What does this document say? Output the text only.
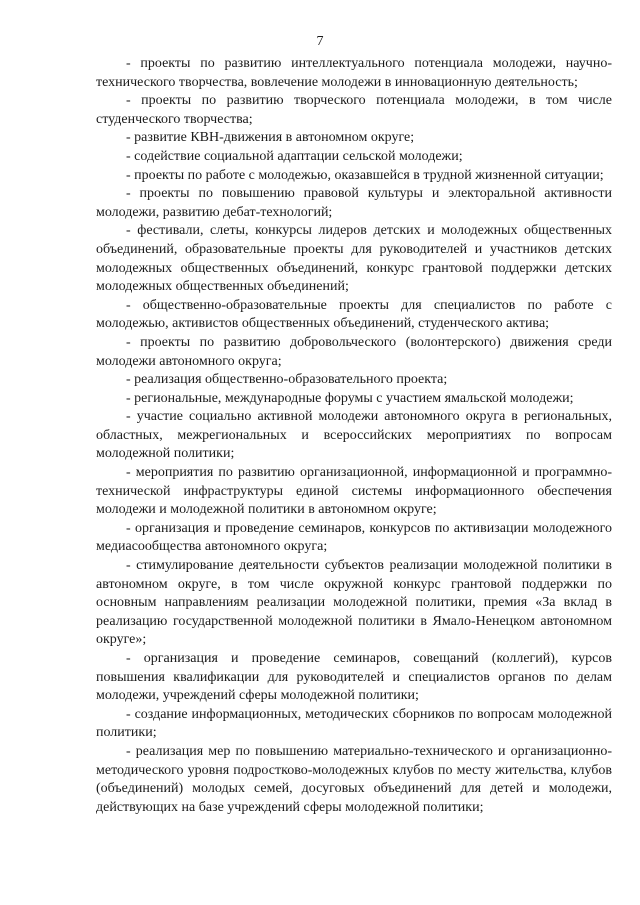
7

- проекты по развитию интеллектуального потенциала молодежи, научно-технического творчества, вовлечение молодежи в инновационную деятельность;

- проекты по развитию творческого потенциала молодежи, в том числе студенческого творчества;

- развитие КВН-движения в автономном округе;

- содействие социальной адаптации сельской молодежи;

- проекты по работе с молодежью, оказавшейся в трудной жизненной ситуации;

- проекты по повышению правовой культуры и электоральной активности молодежи, развитию дебат-технологий;

- фестивали, слеты, конкурсы лидеров детских и молодежных общественных объединений, образовательные проекты для руководителей и участников детских молодежных общественных объединений, конкурс грантовой поддержки детских молодежных общественных объединений;

- общественно-образовательные проекты для специалистов по работе с молодежью, активистов общественных объединений, студенческого актива;

- проекты по развитию добровольческого (волонтерского) движения среди молодежи автономного округа;

- реализация общественно-образовательного проекта;

- региональные, международные форумы с участием ямальской молодежи;

- участие социально активной молодежи автономного округа в региональных, областных, межрегиональных и всероссийских мероприятиях по вопросам молодежной политики;

- мероприятия по развитию организационной, информационной и программно-технической инфраструктуры единой системы информационного обеспечения молодежи и молодежной политики в автономном округе;

- организация и проведение семинаров, конкурсов по активизации молодежного медиасообщества автономного округа;

- стимулирование деятельности субъектов реализации молодежной политики в автономном округе, в том числе окружной конкурс грантовой поддержки по основным направлениям реализации молодежной политики, премия «За вклад в реализацию государственной молодежной политики в Ямало-Ненецком автономном округе»;

- организация и проведение семинаров, совещаний (коллегий), курсов повышения квалификации для руководителей и специалистов органов по делам молодежи, учреждений сферы молодежной политики;

- создание информационных, методических сборников по вопросам молодежной политики;

- реализация мер по повышению материально-технического и организационно-методического уровня подростково-молодежных клубов по месту жительства, клубов (объединений) молодых семей, досуговых объединений для детей и молодежи, действующих на базе учреждений сферы молодежной политики;
